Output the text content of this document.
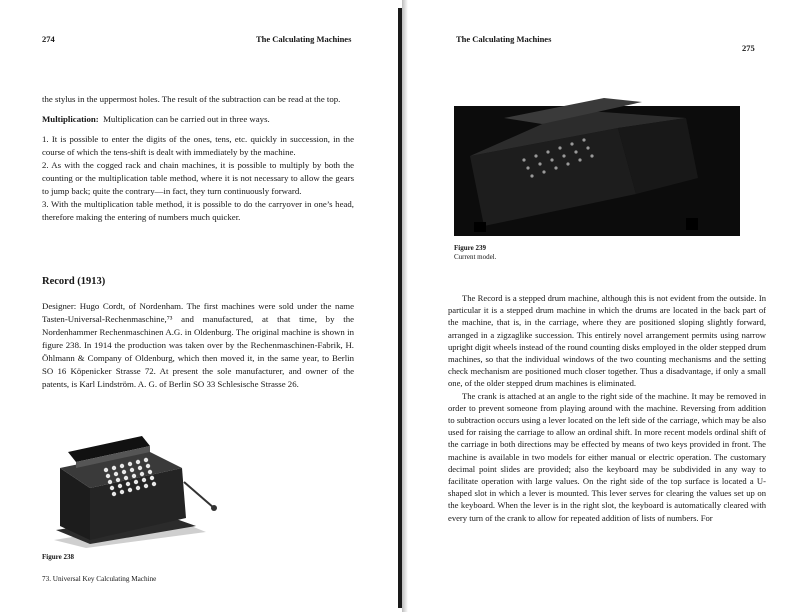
274	The Calculating Machines

the stylus in the uppermost holes. The result of the subtraction can be read at the top.

Multiplication: Multiplication can be carried out in three ways.

1. It is possible to enter the digits of the ones, tens, etc. quickly in succession, in the course of which the tens-shift is dealt with immediately by the machine.

2. As with the cogged rack and chain machines, it is possible to multiply by both the counting or the multiplication table method, where it is not necessary to allow the gears to jump back; quite the contrary—in fact, they turn continuously forward.

3. With the multiplication table method, it is possible to do the carryover in one’s head, therefore making the entering of numbers much quicker.

Record (1913)
Designer: Hugo Cordt, of Nordenham. The first machines were sold under the name Tasten-Universal-Rechenmaschine,⁷³ and manufactured, at that time, by the Nordenhammer Rechenmaschinen A.G. in Oldenburg. The original machine is shown in figure 238. In 1914 the production was taken over by the Rechenmaschinen-Fabrik, H. Öhlmann & Company of Oldenburg, which then moved it, in the same year, to Berlin SO 16 Köpenicker Strasse 72. At present the sole manufacturer, and owner of the patents, is Karl Lindström. A. G. of Berlin SO 33 Schlesische Strasse 26.
Figure 238
73. Universal Key Calculating Machine
The Calculating Machines
275
Figure 239
Current model.

The Record is a stepped drum machine, although this is not evident from the outside. In particular it is a stepped drum machine in which the drums are located in the back part of the machine, that is, in the carriage, where they are positioned sloping slightly forward, arranged in a zigzaglike succession. This entirely novel arrangement permits using narrow upright digit wheels instead of the round counting disks employed in the older stepped drum machines, so that the individual windows of the two counting mechanisms and the setting check mechanism are positioned much closer together. Thus a disadvantage, if only a small one, of the older stepped drum machines is eliminated.

The crank is attached at an angle to the right side of the machine. It may be removed in order to prevent someone from playing around with the machine. Reversing from addition to subtraction occurs using a lever located on the left side of the carriage, which may be also used for raising the carriage to allow an ordinal shift. In more recent models ordinal shift of the carriage in both directions may be effected by means of two keys provided in front. The machine is available in two models for either manual or electric operation. The customary decimal point slides are provided; also the keyboard may be subdivided in any way to facilitate operation with large values. On the right side of the top surface is located a U-shaped slot in which a lever is mounted. This lever serves for clearing the values set up on the keyboard. When the lever is in the right slot, the keyboard is automatically cleared with every turn of the crank to allow for repeated addition of lists of numbers. For
